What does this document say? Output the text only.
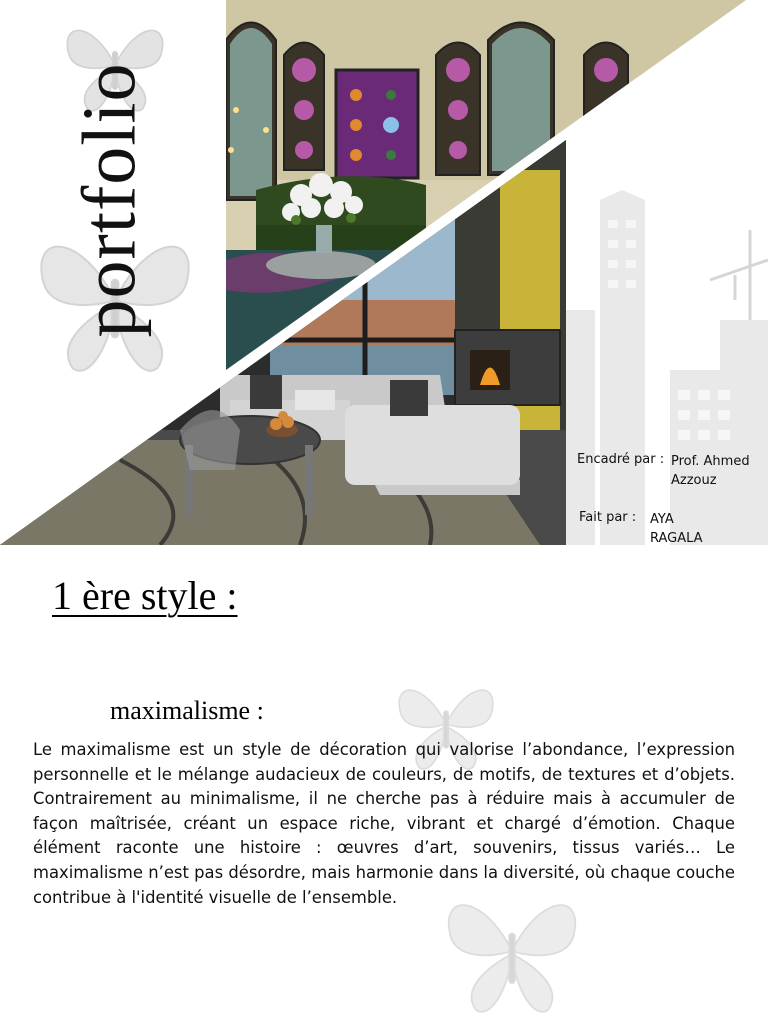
portfolio
Encadré par : Prof. Ahmed Azzouz
Fait par : AYA RAGALA
1 ère style :
maximalisme :

Le maximalisme est un style de décoration qui valorise l’abondance, l’expression personnelle et le mélange audacieux de couleurs, de motifs, de textures et d’objets. Contrairement au minimalisme, il ne cherche pas à réduire mais à accumuler de façon maîtrisée, créant un espace riche, vibrant et chargé d’émotion. Chaque élément raconte une histoire : œuvres d’art, souvenirs, tissus variés… Le maximalisme n’est pas désordre, mais harmonie dans la diversité, où chaque couche contribue à l'identité visuelle de l’ensemble.
